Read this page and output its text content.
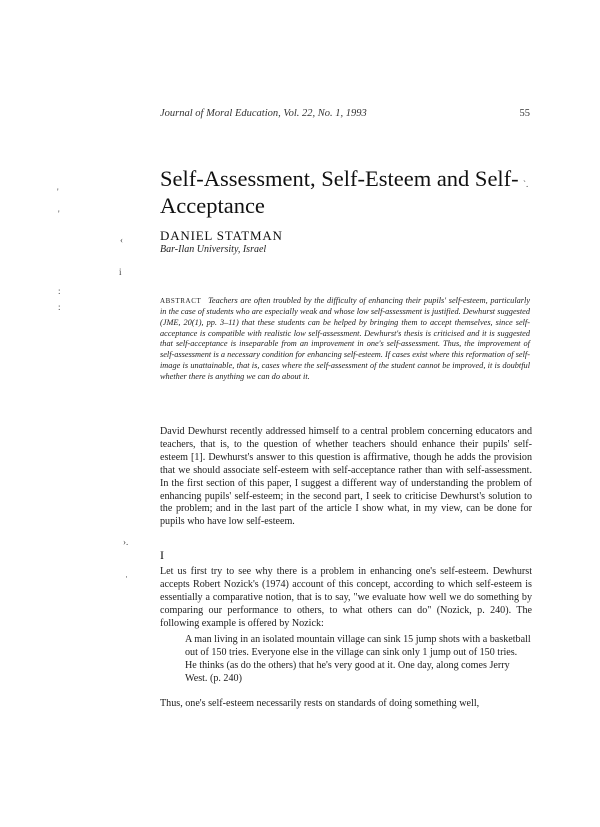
Journal of Moral Education, Vol. 22, No. 1, 1993	55
Self-Assessment, Self-Esteem and Self-Acceptance
DANIEL STATMAN
Bar-Ilan University, Israel
ABSTRACT Teachers are often troubled by the difficulty of enhancing their pupils' self-esteem, particularly in the case of students who are especially weak and whose low self-assessment is justified. Dewhurst suggested (JME, 20(1), pp. 3–11) that these students can be helped by bringing them to accept themselves, since self-acceptance is compatible with realistic low self-assessment. Dewhurst's thesis is criticised and it is suggested that self-acceptance is inseparable from an improvement in one's self-assessment. Thus, the improvement of self-assessment is a necessary condition for enhancing self-esteem. If cases exist where this reformation of self-image is unattainable, that is, cases where the self-assessment of the student cannot be improved, it is doubtful whether there is anything we can do about it.
David Dewhurst recently addressed himself to a central problem concerning educators and teachers, that is, to the question of whether teachers should enhance their pupils' self-esteem [1]. Dewhurst's answer to this question is affirmative, though he adds the provision that we should associate self-esteem with self-acceptance rather than with self-assessment. In the first section of this paper, I suggest a different way of understanding the problem of enhancing pupils' self-esteem; in the second part, I seek to criticise Dewhurst's solution to the problem; and in the last part of the article I show what, in my view, can be done for pupils who have low self-esteem.
I
Let us first try to see why there is a problem in enhancing one's self-esteem. Dewhurst accepts Robert Nozick's (1974) account of this concept, according to which self-esteem is essentially a comparative notion, that is to say, "we evaluate how well we do something by comparing our performance to others, to what others can do" (Nozick, p. 240). The following example is offered by Nozick:
A man living in an isolated mountain village can sink 15 jump shots with a basketball out of 150 tries. Everyone else in the village can sink only 1 jump out of 150 tries. He thinks (as do the others) that he's very good at it. One day, along comes Jerry West. (p. 240)
Thus, one's self-esteem necessarily rests on standards of doing something well,
'
'
‹
i
:
:
›.
·
`.
